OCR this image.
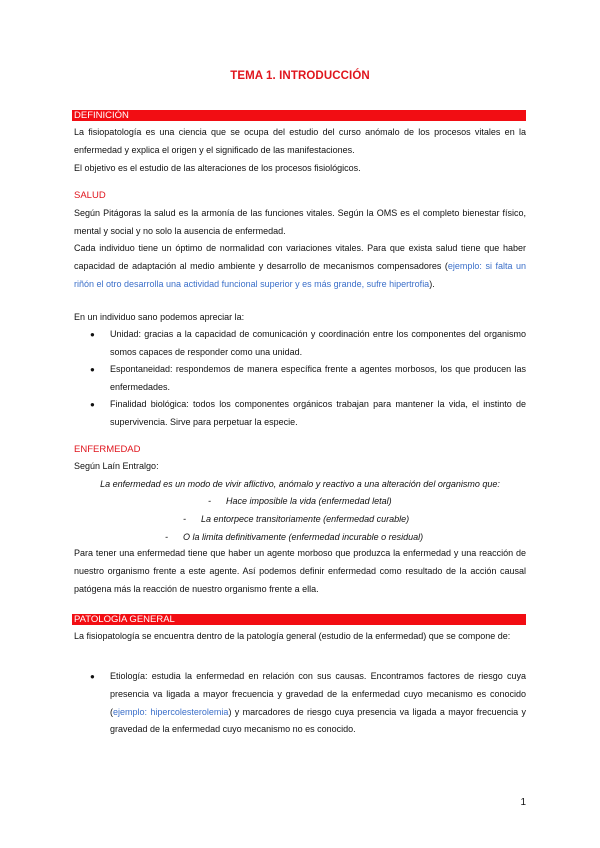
TEMA 1. INTRODUCCIÓN
DEFINICIÓN

La fisiopatología es una ciencia que se ocupa del estudio del curso anómalo de los procesos vitales en la enfermedad y explica el origen y el significado de las manifestaciones.

El objetivo es el estudio de las alteraciones de los procesos fisiológicos.

SALUD

Según Pitágoras la salud es la armonía de las funciones vitales. Según la OMS es el completo bienestar físico, mental y social y no solo la ausencia de enfermedad.

Cada individuo tiene un óptimo de normalidad con variaciones vitales. Para que exista salud tiene que haber capacidad de adaptación al medio ambiente y desarrollo de mecanismos compensadores (ejemplo: si falta un riñón el otro desarrolla una actividad funcional superior y es más grande, sufre hipertrofia).

En un individuo sano podemos apreciar la:

● Unidad: gracias a la capacidad de comunicación y coordinación entre los componentes del organismo somos capaces de responder como una unidad.

● Espontaneidad: respondemos de manera específica frente a agentes morbosos, los que producen las enfermedades.

● Finalidad biológica: todos los componentes orgánicos trabajan para mantener la vida, el instinto de supervivencia. Sirve para perpetuar la especie.

ENFERMEDAD

Según Laín Entralgo:

La enfermedad es un modo de vivir aflictivo, anómalo y reactivo a una alteración del organismo que:
- Hace imposible la vida (enfermedad letal)
- La entorpece transitoriamente (enfermedad curable)
- O la limita definitivamente (enfermedad incurable o residual)

Para tener una enfermedad tiene que haber un agente morboso que produzca la enfermedad y una reacción de nuestro organismo frente a este agente. Así podemos definir enfermedad como resultado de la acción causal patógena más la reacción de nuestro organismo frente a ella.

PATOLOGÍA GENERAL

La fisiopatología se encuentra dentro de la patología general (estudio de la enfermedad) que se compone de:

● Etiología: estudia la enfermedad en relación con sus causas. Encontramos factores de riesgo cuya presencia va ligada a mayor frecuencia y gravedad de la enfermedad cuyo mecanismo es conocido (ejemplo: hipercolesterolemia) y marcadores de riesgo cuya presencia va ligada a mayor frecuencia y gravedad de la enfermedad cuyo mecanismo no es conocido.

1
